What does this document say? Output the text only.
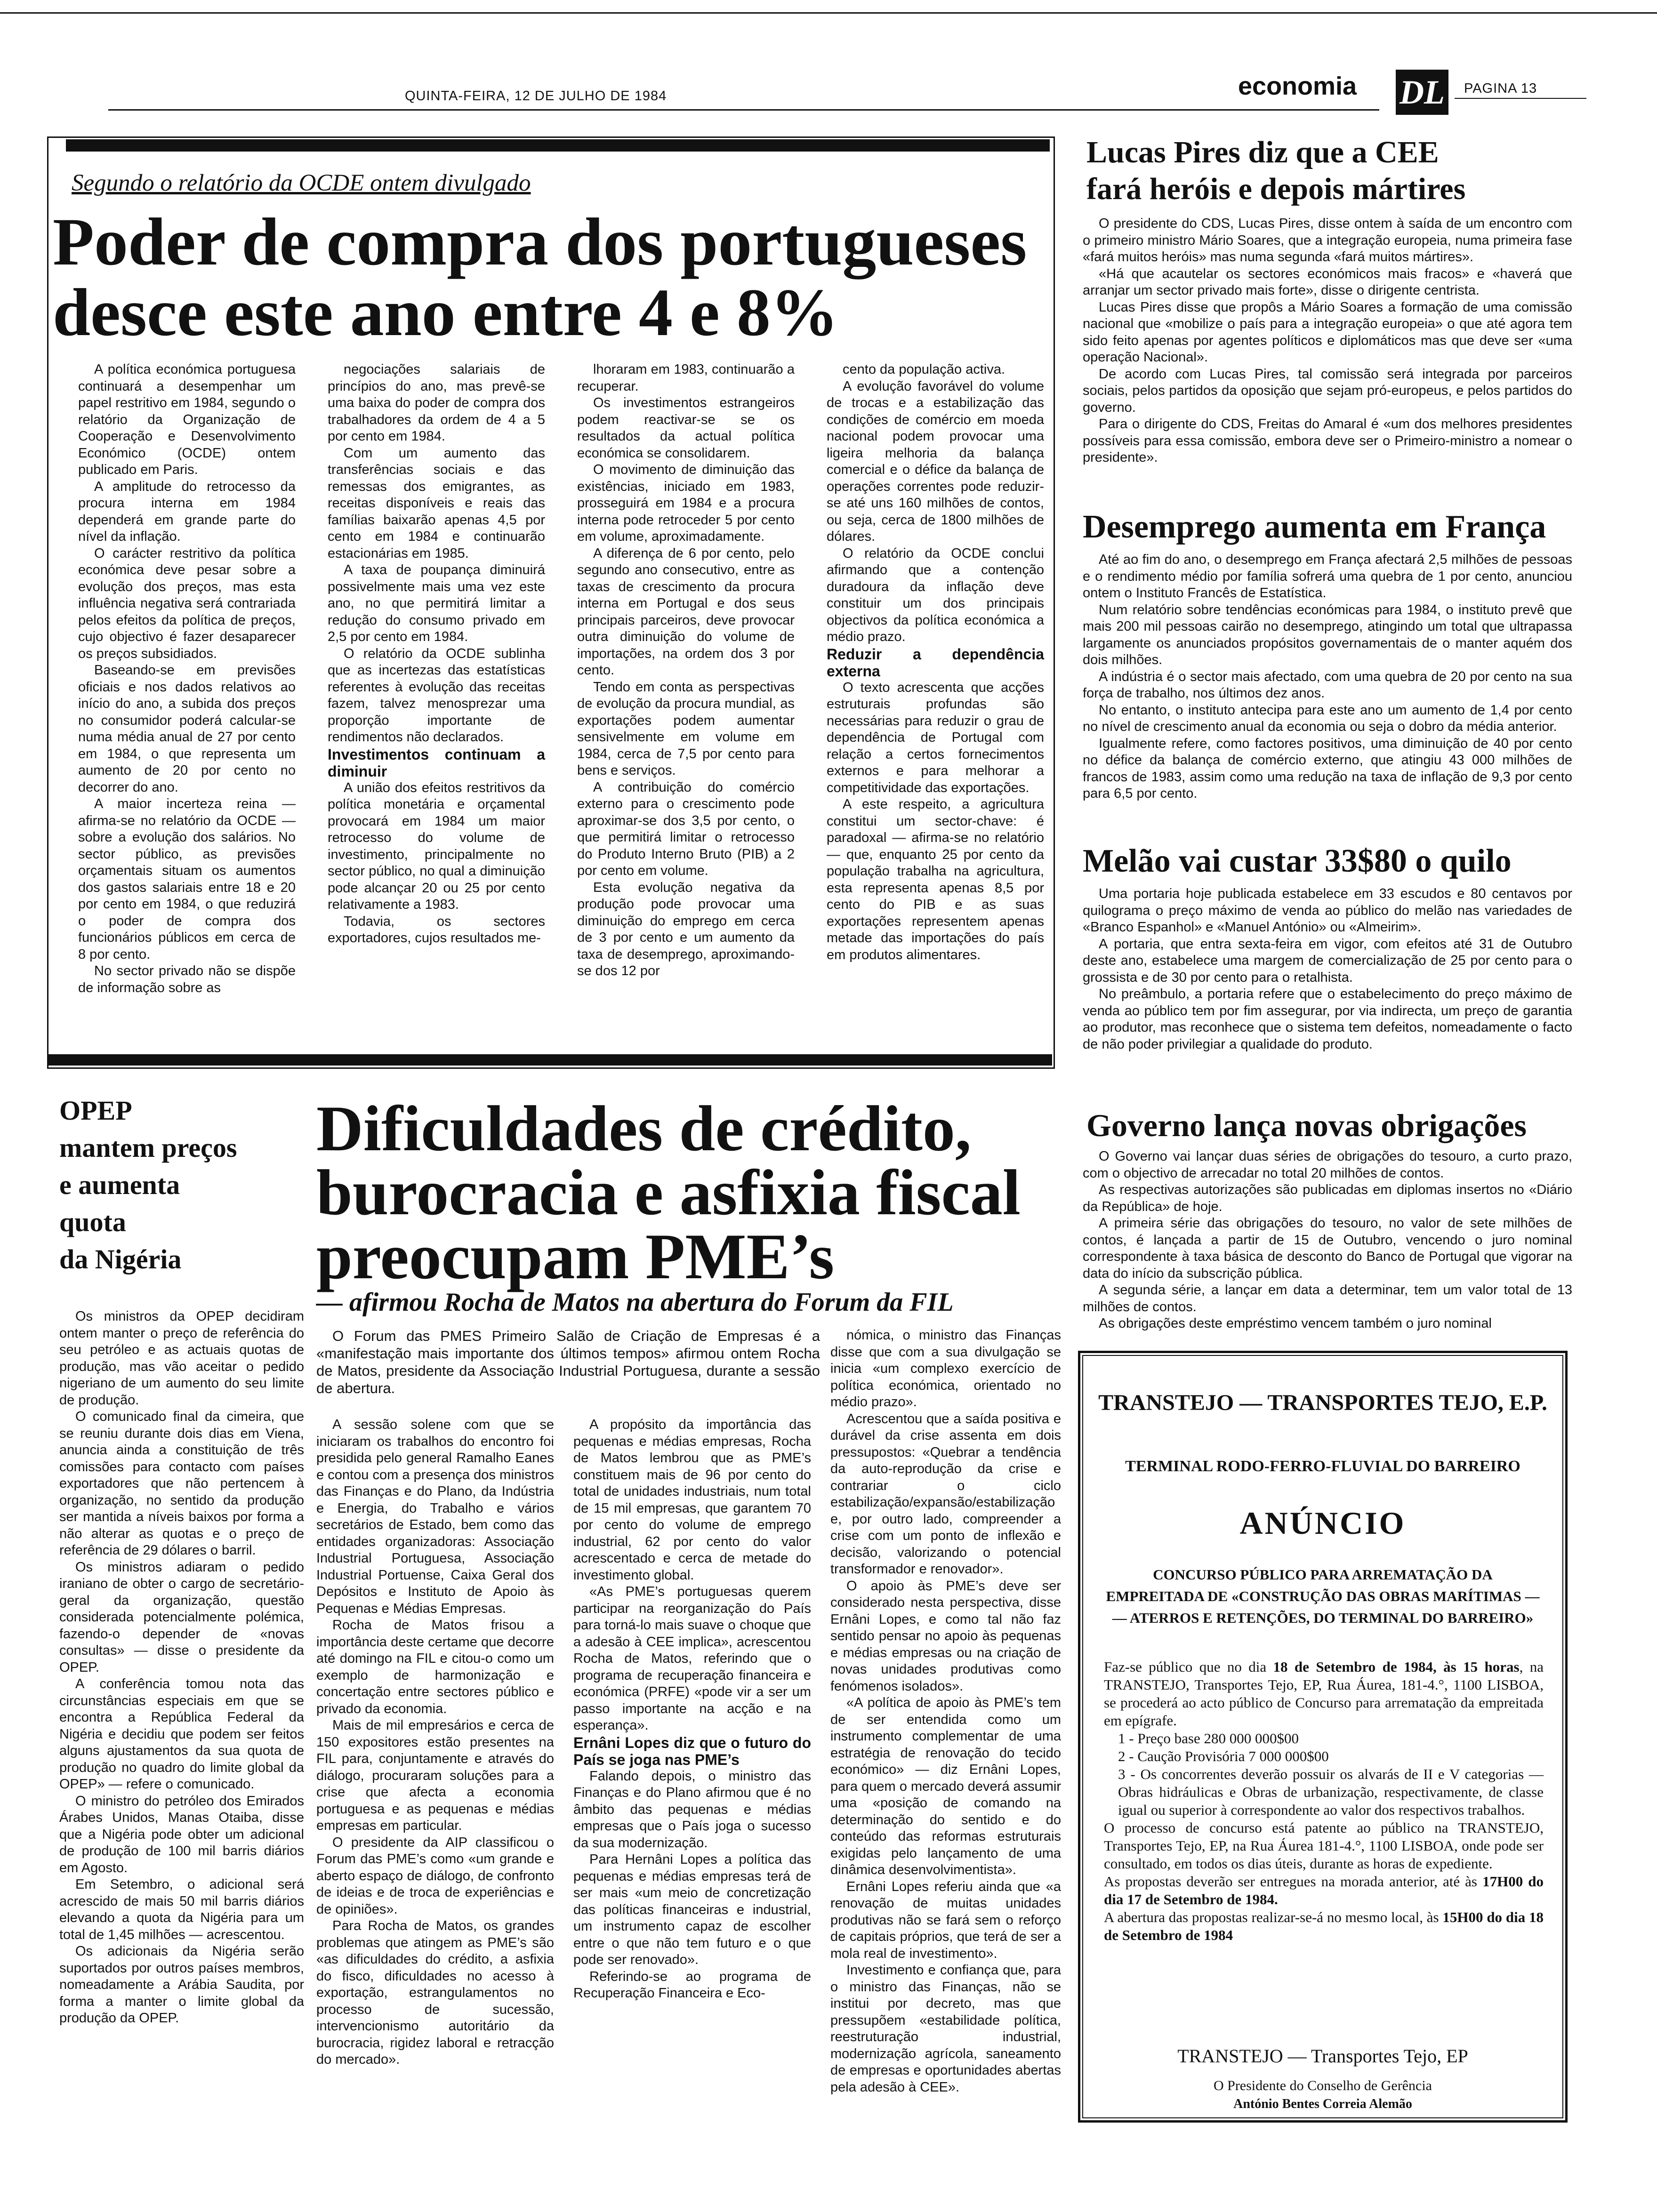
QUINTA-FEIRA, 12 DE JULHO DE 1984	economia DL PAGINA 13
Segundo o relatório da OCDE ontem divulgado
Poder de compra dos portugueses
desce este ano entre 4 e 8%

A política económica portuguesa continuará a desempenhar um papel restritivo em 1984, segundo o relatório da Organização de Cooperação e Desenvolvimento Económico (OCDE) ontem publicado em Paris.

A amplitude do retrocesso da procura interna em 1984 dependerá em grande parte do nível da inflação.

O carácter restritivo da política económica deve pesar sobre a evolução dos preços, mas esta influência negativa será contrariada pelos efeitos da política de preços, cujo objectivo é fazer desaparecer os preços subsidiados.

Baseando-se em previsões oficiais e nos dados relativos ao início do ano, a subida dos preços no consumidor poderá calcular-se numa média anual de 27 por cento em 1984, o que representa um aumento de 20 por cento no decorrer do ano.

A maior incerteza reina — afirma-se no relatório da OCDE — sobre a evolução dos salários. No sector público, as previsões orçamentais situam os aumentos dos gastos salariais entre 18 e 20 por cento em 1984, o que reduzirá o poder de compra dos funcionários públicos em cerca de 8 por cento.

No sector privado não se dispõe de informação sobre as

negociações salariais de princípios do ano, mas prevê-se uma baixa do poder de compra dos trabalhadores da ordem de 4 a 5 por cento em 1984.

Com um aumento das transferências sociais e das remessas dos emigrantes, as receitas disponíveis e reais das famílias baixarão apenas 4,5 por cento em 1984 e continuarão estacionárias em 1985.

A taxa de poupança diminuirá possivelmente mais uma vez este ano, no que permitirá limitar a redução do consumo privado em 2,5 por cento em 1984.

O relatório da OCDE sublinha que as incertezas das estatísticas referentes à evolução das receitas fazem, talvez menosprezar uma proporção importante de rendimentos não declarados.

Investimentos continuam a diminuir

A união dos efeitos restritivos da política monetária e orçamental provocará em 1984 um maior retrocesso do volume de investimento, principalmente no sector público, no qual a diminuição pode alcançar 20 ou 25 por cento relativamente a 1983.

Todavia, os sectores exportadores, cujos resultados me-

lhoraram em 1983, continuarão a recuperar.

Os investimentos estrangeiros podem reactivar-se se os resultados da actual política económica se consolidarem.

O movimento de diminuição das existências, iniciado em 1983, prosseguirá em 1984 e a procura interna pode retroceder 5 por cento em volume, aproximadamente.

A diferença de 6 por cento, pelo segundo ano consecutivo, entre as taxas de crescimento da procura interna em Portugal e dos seus principais parceiros, deve provocar outra diminuição do volume de importações, na ordem dos 3 por cento.

Tendo em conta as perspectivas de evolução da procura mundial, as exportações podem aumentar sensivelmente em volume em 1984, cerca de 7,5 por cento para bens e serviços.

A contribuição do comércio externo para o crescimento pode aproximar-se dos 3,5 por cento, o que permitirá limitar o retrocesso do Produto Interno Bruto (PIB) a 2 por cento em volume.

Esta evolução negativa da produção pode provocar uma diminuição do emprego em cerca de 3 por cento e um aumento da taxa de desemprego, aproximando-se dos 12 por

cento da população activa.

A evolução favorável do volume de trocas e a estabilização das condições de comércio em moeda nacional podem provocar uma ligeira melhoria da balança comercial e o défice da balança de operações correntes pode reduzir-se até uns 160 milhões de contos, ou seja, cerca de 1800 milhões de dólares.

O relatório da OCDE conclui afirmando que a contenção duradoura da inflação deve constituir um dos principais objectivos da política económica a médio prazo.

Reduzir a dependência externa

O texto acrescenta que acções estruturais profundas são necessárias para reduzir o grau de dependência de Portugal com relação a certos fornecimentos externos e para melhorar a competitividade das exportações.

A este respeito, a agricultura constitui um sector-chave: é paradoxal — afirma-se no relatório — que, enquanto 25 por cento da população trabalha na agricultura, esta representa apenas 8,5 por cento do PIB e as suas exportações representem apenas metade das importações do país em produtos alimentares.

Lucas Pires diz que a CEE
fará heróis e depois mártires

O presidente do CDS, Lucas Pires, disse ontem à saída de um encontro com o primeiro ministro Mário Soares, que a integração europeia, numa primeira fase «fará muitos heróis» mas numa segunda «fará muitos mártires».

«Há que acautelar os sectores económicos mais fracos» e «haverá que arranjar um sector privado mais forte», disse o dirigente centrista.

Lucas Pires disse que propôs a Mário Soares a formação de uma comissão nacional que «mobilize o país para a integração europeia» o que até agora tem sido feito apenas por agentes políticos e diplomáticos mas que deve ser «uma operação Nacional».

De acordo com Lucas Pires, tal comissão será integrada por parceiros sociais, pelos partidos da oposição que sejam pró-europeus, e pelos partidos do governo.

Para o dirigente do CDS, Freitas do Amaral é «um dos melhores presidentes possíveis para essa comissão, embora deve ser o Primeiro-ministro a nomear o presidente».

Desemprego aumenta em França

Até ao fim do ano, o desemprego em França afectará 2,5 milhões de pessoas e o rendimento médio por família sofrerá uma quebra de 1 por cento, anunciou ontem o Instituto Francês de Estatística.

Num relatório sobre tendências económicas para 1984, o instituto prevê que mais 200 mil pessoas cairão no desemprego, atingindo um total que ultrapassa largamente os anunciados propósitos governamentais de o manter aquém dos dois milhões.

A indústria é o sector mais afectado, com uma quebra de 20 por cento na sua força de trabalho, nos últimos dez anos.

No entanto, o instituto antecipa para este ano um aumento de 1,4 por cento no nível de crescimento anual da economia ou seja o dobro da média anterior.

Igualmente refere, como factores positivos, uma diminuição de 40 por cento no défice da balança de comércio externo, que atingiu 43 000 milhões de francos de 1983, assim como uma redução na taxa de inflação de 9,3 por cento para 6,5 por cento.

Melão vai custar 33$80 o quilo

Uma portaria hoje publicada estabelece em 33 escudos e 80 centavos por quilograma o preço máximo de venda ao público do melão nas variedades de «Branco Espanhol» e «Manuel António» ou «Almeirim».

A portaria, que entra sexta-feira em vigor, com efeitos até 31 de Outubro deste ano, estabelece uma margem de comercialização de 25 por cento para o grossista e de 30 por cento para o retalhista.

No preâmbulo, a portaria refere que o estabelecimento do preço máximo de venda ao público tem por fim assegurar, por via indirecta, um preço de garantia ao produtor, mas reconhece que o sistema tem defeitos, nomeadamente o facto de não poder privilegiar a qualidade do produto.

Governo lança novas obrigações

O Governo vai lançar duas séries de obrigações do tesouro, a curto prazo, com o objectivo de arrecadar no total 20 milhões de contos.

As respectivas autorizações são publicadas em diplomas insertos no «Diário da República» de hoje.

A primeira série das obrigações do tesouro, no valor de sete milhões de contos, é lançada a partir de 15 de Outubro, vencendo o juro nominal correspondente à taxa básica de desconto do Banco de Portugal que vigorar na data do início da subscrição pública.

A segunda série, a lançar em data a determinar, tem um valor total de 13 milhões de contos.

As obrigações deste empréstimo vencem também o juro nominal

OPEP
mantem preços
e aumenta
quota
da Nigéria

Os ministros da OPEP decidiram ontem manter o preço de referência do seu petróleo e as actuais quotas de produção, mas vão aceitar o pedido nigeriano de um aumento do seu limite de produção.

O comunicado final da cimeira, que se reuniu durante dois dias em Viena, anuncia ainda a constituição de três comissões para contacto com países exportadores que não pertencem à organização, no sentido da produção ser mantida a níveis baixos por forma a não alterar as quotas e o preço de referência de 29 dólares o barril.

Os ministros adiaram o pedido iraniano de obter o cargo de secretário-geral da organização, questão considerada potencialmente polémica, fazendo-o depender de «novas consultas» — disse o presidente da OPEP.

A conferência tomou nota das circunstâncias especiais em que se encontra a República Federal da Nigéria e decidiu que podem ser feitos alguns ajustamentos da sua quota de produção no quadro do limite global da OPEP» — refere o comunicado.

O ministro do petróleo dos Emirados Árabes Unidos, Manas Otaiba, disse que a Nigéria pode obter um adicional de produção de 100 mil barris diários em Agosto.

Em Setembro, o adicional será acrescido de mais 50 mil barris diários elevando a quota da Nigéria para um total de 1,45 milhões — acrescentou.

Os adicionais da Nigéria serão suportados por outros países membros, nomeadamente a Arábia Saudita, por forma a manter o limite global da produção da OPEP.

Dificuldades de crédito,
burocracia e asfixia fiscal
preocupam PME’s
— afirmou Rocha de Matos na abertura do Forum da FIL

O Forum das PMES Primeiro Salão de Criação de Empresas é a «manifestação mais importante dos últimos tempos» afirmou ontem Rocha de Matos, presidente da Associação Industrial Portuguesa, durante a sessão de abertura.

A sessão solene com que se iniciaram os trabalhos do encontro foi presidida pelo general Ramalho Eanes e contou com a presença dos ministros das Finanças e do Plano, da Indústria e Energia, do Trabalho e vários secretários de Estado, bem como das entidades organizadoras: Associação Industrial Portuguesa, Associação Industrial Portuense, Caixa Geral dos Depósitos e Instituto de Apoio às Pequenas e Médias Empresas.

Rocha de Matos frisou a importância deste certame que decorre até domingo na FIL e citou-o como um exemplo de harmonização e concertação entre sectores público e privado da economia.

Mais de mil empresários e cerca de 150 expositores estão presentes na FIL para, conjuntamente e através do diálogo, procuraram soluções para a crise que afecta a economia portuguesa e as pequenas e médias empresas em particular.

O presidente da AIP classificou o Forum das PME’s como «um grande e aberto espaço de diálogo, de confronto de ideias e de troca de experiências e de opiniões».

Para Rocha de Matos, os grandes problemas que atingem as PME’s são «as dificuldades do crédito, a asfixia do fisco, dificuldades no acesso à exportação, estrangulamentos no processo de sucessão, intervencionismo autoritário da burocracia, rigidez laboral e retracção do mercado».

A propósito da importância das pequenas e médias empresas, Rocha de Matos lembrou que as PME’s constituem mais de 96 por cento do total de unidades industriais, num total de 15 mil empresas, que garantem 70 por cento do volume de emprego industrial, 62 por cento do valor acrescentado e cerca de metade do investimento global.

«As PME’s portuguesas querem participar na reorganização do País para torná-lo mais suave o choque que a adesão à CEE implica», acrescentou Rocha de Matos, referindo que o programa de recuperação financeira e económica (PRFE) «pode vir a ser um passo importante na acção e na esperança».

Ernâni Lopes diz que o futuro do País se joga nas PME’s

Falando depois, o ministro das Finanças e do Plano afirmou que é no âmbito das pequenas e médias empresas que o País joga o sucesso da sua modernização.

Para Hernâni Lopes a política das pequenas e médias empresas terá de ser mais «um meio de concretização das políticas financeiras e industrial, um instrumento capaz de escolher entre o que não tem futuro e o que pode ser renovado».

Referindo-se ao programa de Recuperação Financeira e Eco-

nómica, o ministro das Finanças disse que com a sua divulgação se inicia «um complexo exercício de política económica, orientado no médio prazo».

Acrescentou que a saída positiva e durável da crise assenta em dois pressupostos: «Quebrar a tendência da auto-reprodução da crise e contrariar o ciclo estabilização/expansão/estabilização e, por outro lado, compreender a crise com um ponto de inflexão e decisão, valorizando o potencial transformador e renovador».

O apoio às PME’s deve ser considerado nesta perspectiva, disse Ernâni Lopes, e como tal não faz sentido pensar no apoio às pequenas e médias empresas ou na criação de novas unidades produtivas como fenómenos isolados».

«A política de apoio às PME’s tem de ser entendida como um instrumento complementar de uma estratégia de renovação do tecido económico» — diz Ernâni Lopes, para quem o mercado deverá assumir uma «posição de comando na determinação do sentido e do conteúdo das reformas estruturais exigidas pelo lançamento de uma dinâmica desenvolvimentista».

Ernâni Lopes referiu ainda que «a renovação de muitas unidades produtivas não se fará sem o reforço de capitais próprios, que terá de ser a mola real de investimento».

Investimento e confiança que, para o ministro das Finanças, não se institui por decreto, mas que pressupõem «estabilidade política, reestruturação industrial, modernização agrícola, saneamento de empresas e oportunidades abertas pela adesão à CEE».

TRANSTEJO — TRANSPORTES TEJO, E.P.
TERMINAL RODO-FERRO-FLUVIAL DO BARREIRO
ANÚNCIO
CONCURSO PÚBLICO PARA ARREMATAÇÃO DA
EMPREITADA DE «CONSTRUÇÃO DAS OBRAS MARÍTIMAS —
— ATERROS E RETENÇÕES, DO TERMINAL DO BARREIRO»

Faz-se público que no dia 18 de Setembro de 1984, às 15 horas, na TRANSTEJO, Transportes Tejo, EP, Rua Áurea, 181-4.°, 1100 LISBOA, se procederá ao acto público de Concurso para arrematação da empreitada em epígrafe.

1 - Preço base 280 000 000$00

2 - Caução Provisória 7 000 000$00

3 - Os concorrentes deverão possuir os alvarás de II e V categorias — Obras hidráulicas e Obras de urbanização, respectivamente, de classe igual ou superior à correspondente ao valor dos respectivos trabalhos.

O processo de concurso está patente ao público na TRANSTEJO, Transportes Tejo, EP, na Rua Áurea 181-4.°, 1100 LISBOA, onde pode ser consultado, em todos os dias úteis, durante as horas de expediente.

As propostas deverão ser entregues na morada anterior, até às 17H00 do dia 17 de Setembro de 1984.

A abertura das propostas realizar-se-á no mesmo local, às 15H00 do dia 18 de Setembro de 1984

TRANSTEJO — Transportes Tejo, EP
O Presidente do Conselho de Gerência
António Bentes Correia Alemão
